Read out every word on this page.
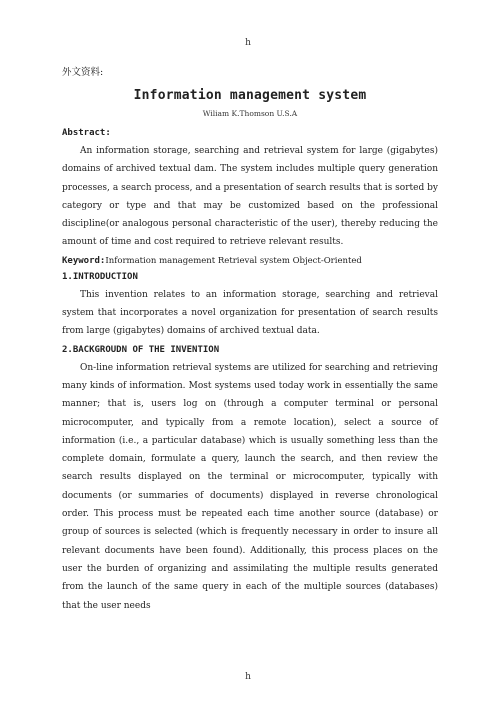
h

外文资料:

Information management system

Wiliam K.Thomson U.S.A

Abstract:

An information storage, searching and retrieval system for large (gigabytes) domains of archived textual dam. The system includes multiple query generation processes, a search process, and a presentation of search results that is sorted by category or type and that may be customized based on the professional discipline(or analogous personal characteristic of the user), thereby reducing the amount of time and cost required to retrieve relevant results.

Keyword:Information management Retrieval system Object-Oriented
1.INTRODUCTION

This invention relates to an information storage, searching and retrieval system that incorporates a novel organization for presentation of search results from large (gigabytes) domains of archived textual data.

2.BACKGROUDN OF THE INVENTION

On-line information retrieval systems are utilized for searching and retrieving many kinds of information. Most systems used today work in essentially the same manner; that is, users log on (through a computer terminal or personal microcomputer, and typically from a remote location), select a source of information (i.e., a particular database) which is usually something less than the complete domain, formulate a query, launch the search, and then review the search results displayed on the terminal or microcomputer, typically with documents (or summaries of documents) displayed in reverse chronological order. This process must be repeated each time another source (database) or group of sources is selected (which is frequently necessary in order to insure all relevant documents have been found). Additionally, this process places on the user the burden of organizing and assimilating the multiple results generated from the launch of the same query in each of the multiple sources (databases) that the user needs

h
